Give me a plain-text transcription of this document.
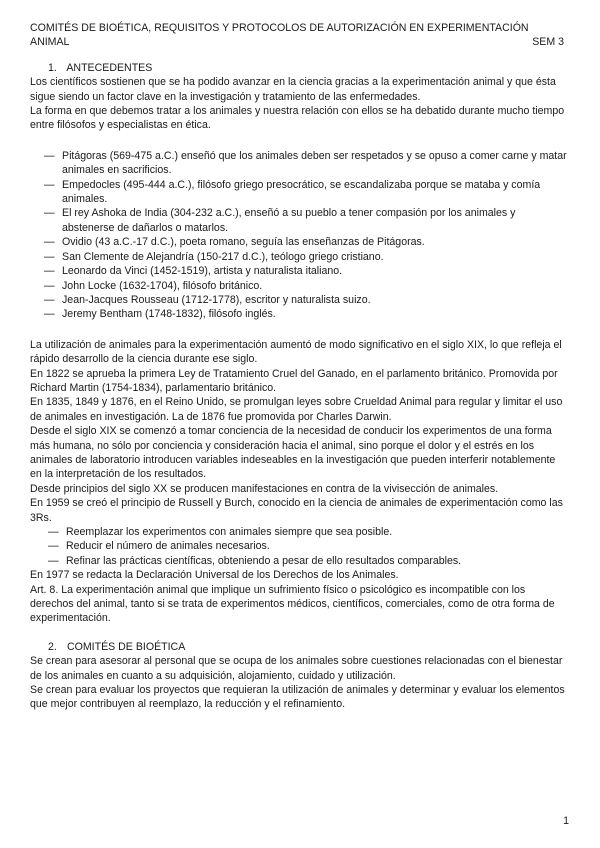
COMITÉS DE BIOÉTICA, REQUISITOS Y PROTOCOLOS DE AUTORIZACIÓN EN EXPERIMENTACIÓN
ANIMAL	SEM 3
1. ANTECEDENTES

Los científicos sostienen que se ha podido avanzar en la ciencia gracias a la experimentación animal y que ésta sigue siendo un factor clave en la investigación y tratamiento de las enfermedades.

La forma en que debemos tratar a los animales y nuestra relación con ellos se ha debatido durante mucho tiempo entre filósofos y especialistas en ética.

— Pitágoras (569-475 a.C.) enseñó que los animales deben ser respetados y se opuso a comer carne y matar animales en sacrificios.
— Empedocles (495-444 a.C.), filósofo griego presocrático, se escandalizaba porque se mataba y comía animales.
— El rey Ashoka de India (304-232 a.C.), enseñó a su pueblo a tener compasión por los animales y abstenerse de dañarlos o matarlos.
— Ovidio (43 a.C.-17 d.C.), poeta romano, seguía las enseñanzas de Pitágoras.
— San Clemente de Alejandría (150-217 d.C.), teólogo griego cristiano.
— Leonardo da Vinci (1452-1519), artista y naturalista italiano.
— John Locke (1632-1704), filósofo británico.
— Jean-Jacques Rousseau (1712-1778), escritor y naturalista suizo.
— Jeremy Bentham (1748-1832), filósofo inglés.

La utilización de animales para la experimentación aumentó de modo significativo en el siglo XIX, lo que refleja el rápido desarrollo de la ciencia durante ese siglo.

En 1822 se aprueba la primera Ley de Tratamiento Cruel del Ganado, en el parlamento británico. Promovida por Richard Martin (1754-1834), parlamentario británico.

En 1835, 1849 y 1876, en el Reino Unido, se promulgan leyes sobre Crueldad Animal para regular y limitar el uso de animales en investigación. La de 1876 fue promovida por Charles Darwin.

Desde el siglo XIX se comenzó a tomar conciencia de la necesidad de conducir los experimentos de una forma más humana, no sólo por conciencia y consideración hacia el animal, sino porque el dolor y el estrés en los animales de laboratorio introducen variables indeseables en la investigación que pueden interferir notablemente en la interpretación de los resultados.

Desde principios del siglo XX se producen manifestaciones en contra de la vivisección de animales.

En 1959 se creó el principio de Russell y Burch, conocido en la ciencia de animales de experimentación como las 3Rs.

— Reemplazar los experimentos con animales siempre que sea posible.
— Reducir el número de animales necesarios.
— Refinar las prácticas científicas, obteniendo a pesar de ello resultados comparables.

En 1977 se redacta la Declaración Universal de los Derechos de los Animales.

Art. 8. La experimentación animal que implique un sufrimiento físico o psicológico es incompatible con los derechos del animal, tanto si se trata de experimentos médicos, científicos, comerciales, como de otra forma de experimentación.

2. COMITÉS DE BIOÉTICA

Se crean para asesorar al personal que se ocupa de los animales sobre cuestiones relacionadas con el bienestar de los animales en cuanto a su adquisición, alojamiento, cuidado y utilización.

Se crean para evaluar los proyectos que requieran la utilización de animales y determinar y evaluar los elementos que mejor contribuyen al reemplazo, la reducción y el refinamiento.

1
